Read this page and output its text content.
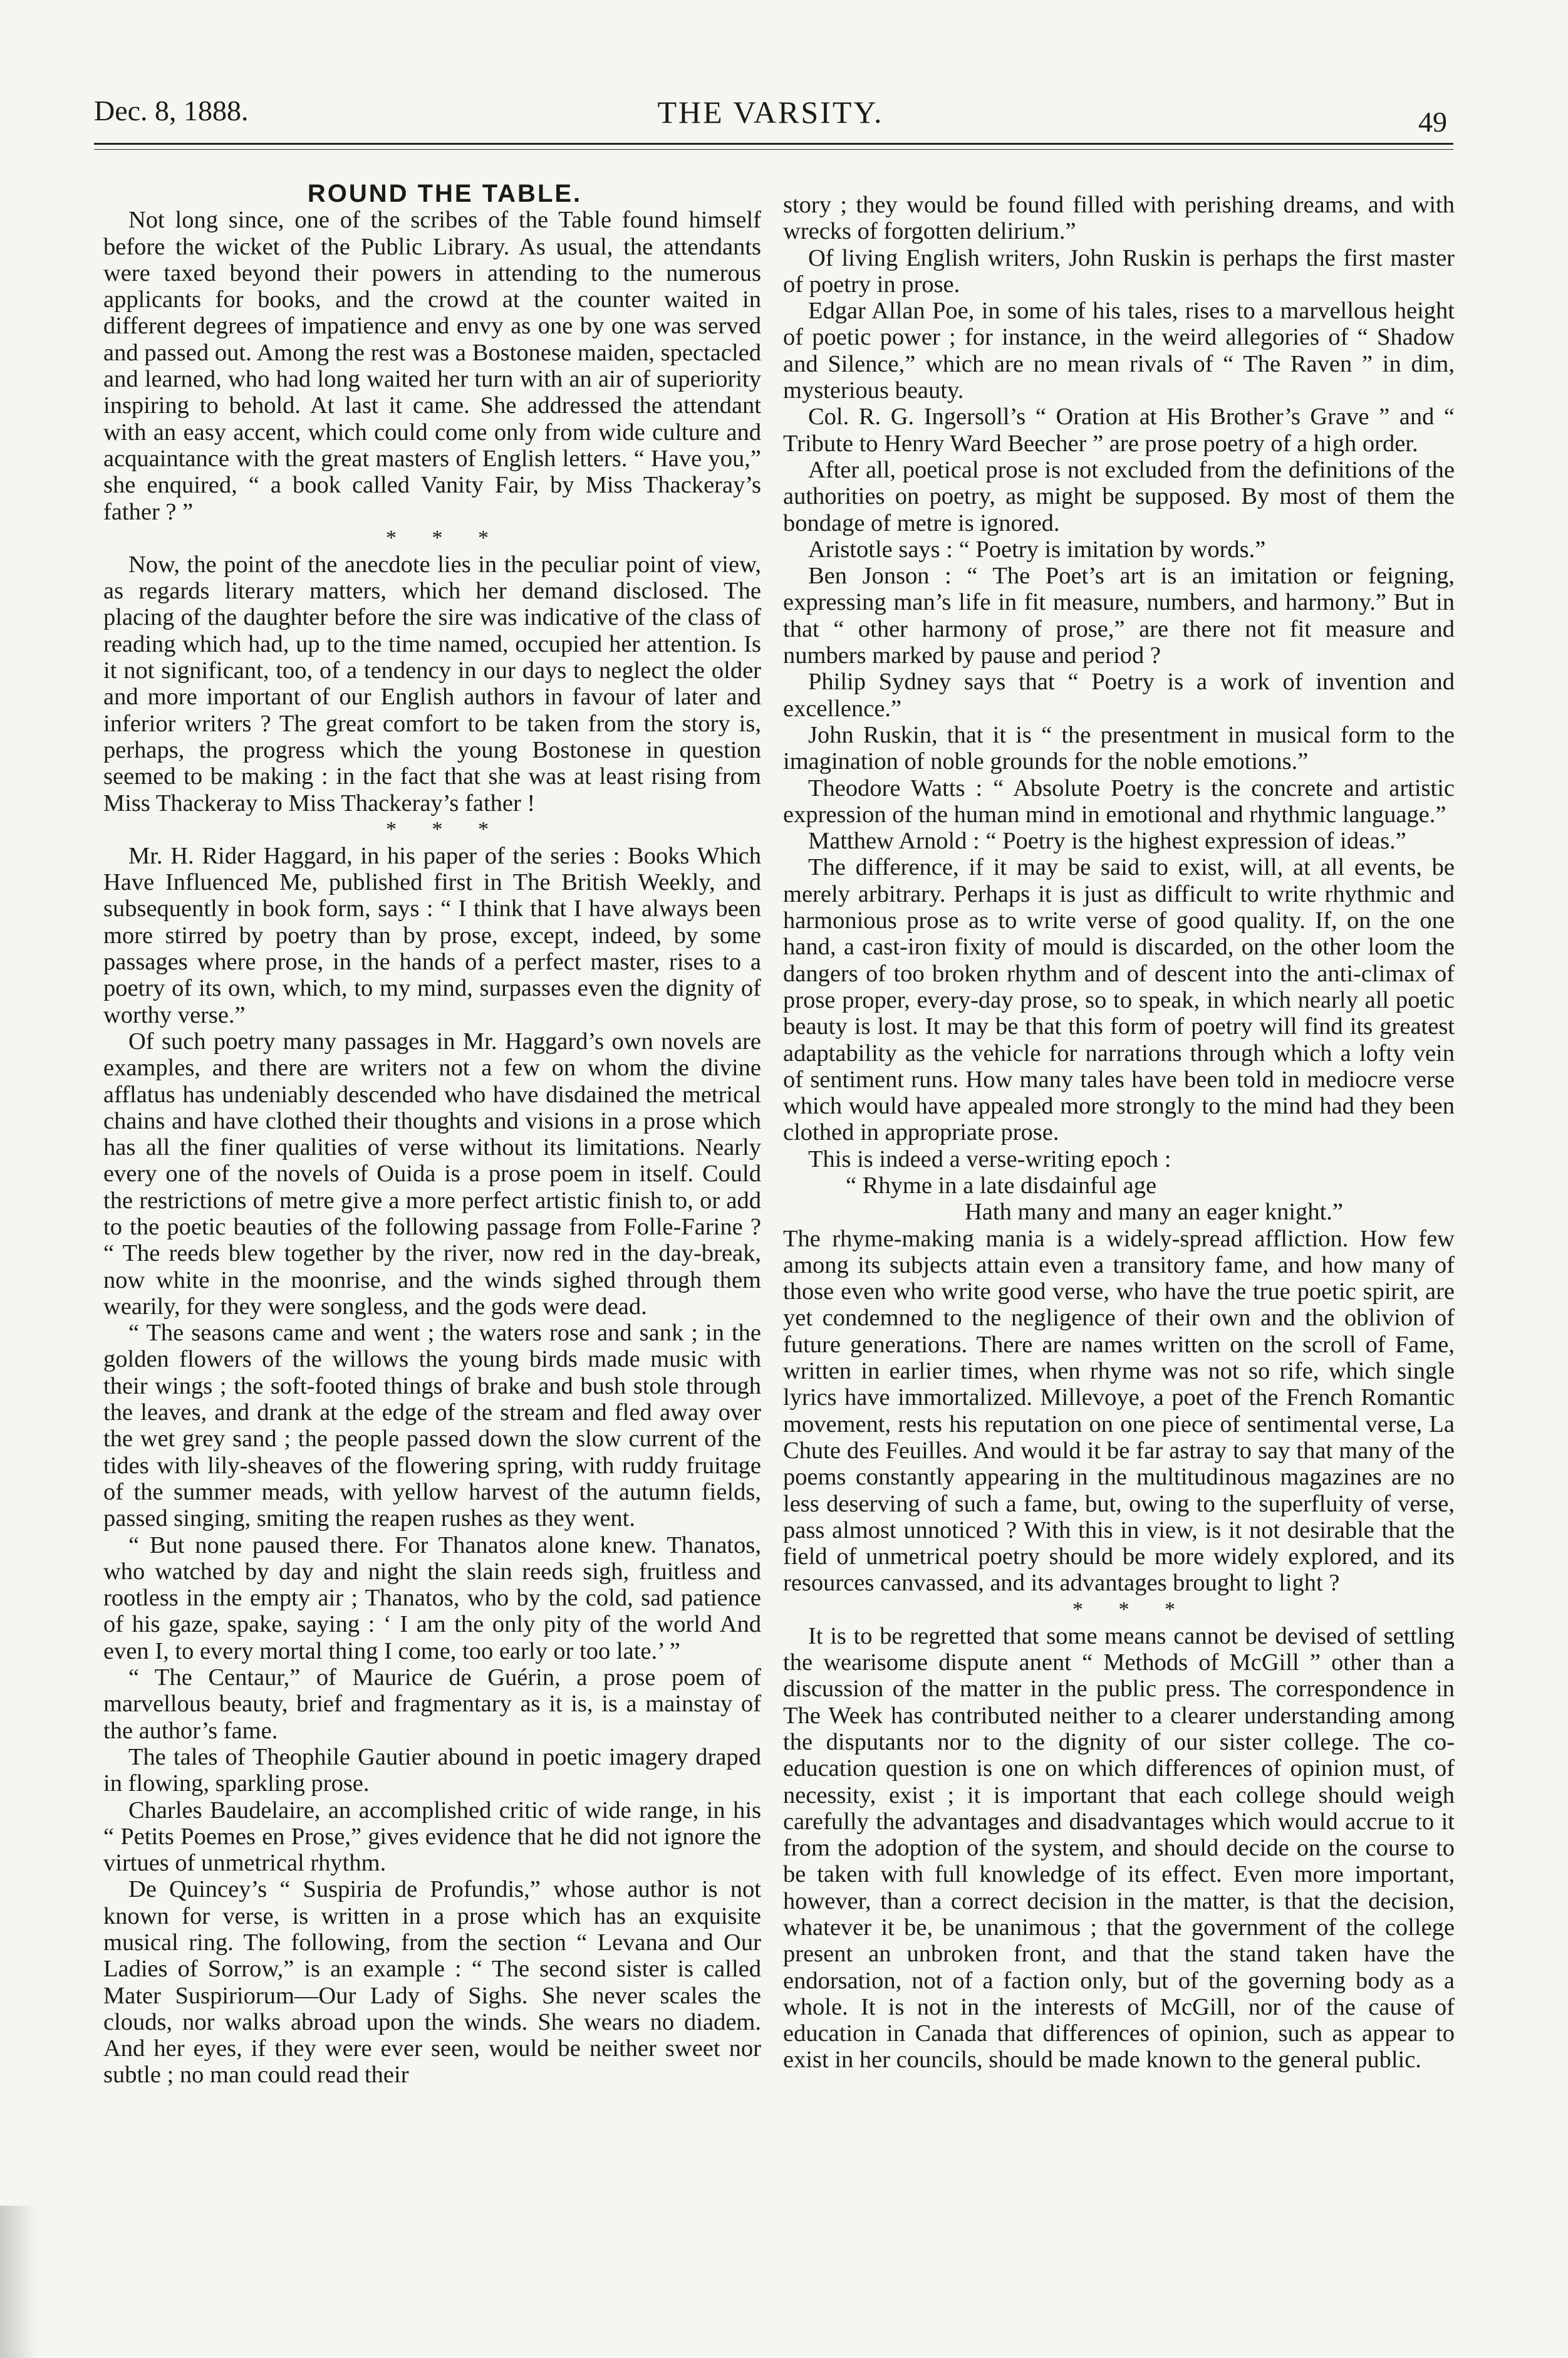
Dec. 8, 1888.	THE VARSITY.	49

ROUND THE TABLE.

Not long since, one of the scribes of the Table found himself before the wicket of the Public Library. As usual, the attendants were taxed beyond their powers in attending to the numerous applicants for books, and the crowd at the counter waited in different degrees of impatience and envy as one by one was served and passed out. Among the rest was a Bostonese maiden, spectacled and learned, who had long waited her turn with an air of superiority inspiring to behold. At last it came. She addressed the attendant with an easy accent, which could come only from wide culture and acquaintance with the great masters of English letters. “ Have you,” she enquired, “ a book called Vanity Fair, by Miss Thackeray’s father ? ”

* * *

Now, the point of the anecdote lies in the peculiar point of view, as regards literary matters, which her demand disclosed. The placing of the daughter before the sire was indicative of the class of reading which had, up to the time named, occupied her attention. Is it not significant, too, of a tendency in our days to neglect the older and more important of our English authors in favour of later and inferior writers ? The great comfort to be taken from the story is, perhaps, the progress which the young Bostonese in question seemed to be making : in the fact that she was at least rising from Miss Thackeray to Miss Thackeray’s father !

* * *

Mr. H. Rider Haggard, in his paper of the series : Books Which Have Influenced Me, published first in The British Weekly, and subsequently in book form, says : “ I think that I have always been more stirred by poetry than by prose, except, indeed, by some passages where prose, in the hands of a perfect master, rises to a poetry of its own, which, to my mind, surpasses even the dignity of worthy verse.”

Of such poetry many passages in Mr. Haggard’s own novels are examples, and there are writers not a few on whom the divine afflatus has undeniably descended who have disdained the metrical chains and have clothed their thoughts and visions in a prose which has all the finer qualities of verse without its limitations. Nearly every one of the novels of Ouida is a prose poem in itself. Could the restrictions of metre give a more perfect artistic finish to, or add to the poetic beauties of the following passage from Folle-Farine ? “ The reeds blew together by the river, now red in the day-break, now white in the moonrise, and the winds sighed through them wearily, for they were songless, and the gods were dead.

“ The seasons came and went ; the waters rose and sank ; in the golden flowers of the willows the young birds made music with their wings ; the soft-footed things of brake and bush stole through the leaves, and drank at the edge of the stream and fled away over the wet grey sand ; the people passed down the slow current of the tides with lily-sheaves of the flowering spring, with ruddy fruitage of the summer meads, with yellow harvest of the autumn fields, passed singing, smiting the reapen rushes as they went.

“ But none paused there. For Thanatos alone knew. Thanatos, who watched by day and night the slain reeds sigh, fruitless and rootless in the empty air ; Thanatos, who by the cold, sad patience of his gaze, spake, saying : ‘ I am the only pity of the world And even I, to every mortal thing I come, too early or too late.’ ”

“ The Centaur,” of Maurice de Guérin, a prose poem of marvellous beauty, brief and fragmentary as it is, is a mainstay of the author’s fame.

The tales of Theophile Gautier abound in poetic imagery draped in flowing, sparkling prose.

Charles Baudelaire, an accomplished critic of wide range, in his “ Petits Poemes en Prose,” gives evidence that he did not ignore the virtues of unmetrical rhythm.

De Quincey’s “ Suspiria de Profundis,” whose author is not known for verse, is written in a prose which has an exquisite musical ring. The following, from the section “ Levana and Our Ladies of Sorrow,” is an example : “ The second sister is called Mater Suspiriorum—Our Lady of Sighs. She never scales the clouds, nor walks abroad upon the winds. She wears no diadem. And her eyes, if they were ever seen, would be neither sweet nor subtle ; no man could read their

story ; they would be found filled with perishing dreams, and with wrecks of forgotten delirium.”

Of living English writers, John Ruskin is perhaps the first master of poetry in prose.

Edgar Allan Poe, in some of his tales, rises to a marvellous height of poetic power ; for instance, in the weird allegories of “ Shadow and Silence,” which are no mean rivals of “ The Raven ” in dim, mysterious beauty.

Col. R. G. Ingersoll’s “ Oration at His Brother’s Grave ” and “ Tribute to Henry Ward Beecher ” are prose poetry of a high order.

After all, poetical prose is not excluded from the definitions of the authorities on poetry, as might be supposed. By most of them the bondage of metre is ignored.

Aristotle says : “ Poetry is imitation by words.”

Ben Jonson : “ The Poet’s art is an imitation or feigning, expressing man’s life in fit measure, numbers, and harmony.” But in that “ other harmony of prose,” are there not fit measure and numbers marked by pause and period ?

Philip Sydney says that “ Poetry is a work of invention and excellence.”

John Ruskin, that it is “ the presentment in musical form to the imagination of noble grounds for the noble emotions.”

Theodore Watts : “ Absolute Poetry is the concrete and artistic expression of the human mind in emotional and rhythmic language.”

Matthew Arnold : “ Poetry is the highest expression of ideas.”

The difference, if it may be said to exist, will, at all events, be merely arbitrary. Perhaps it is just as difficult to write rhythmic and harmonious prose as to write verse of good quality. If, on the one hand, a cast-iron fixity of mould is discarded, on the other loom the dangers of too broken rhythm and of descent into the anti-climax of prose proper, every-day prose, so to speak, in which nearly all poetic beauty is lost. It may be that this form of poetry will find its greatest adaptability as the vehicle for narrations through which a lofty vein of sentiment runs. How many tales have been told in mediocre verse which would have appealed more strongly to the mind had they been clothed in appropriate prose.

This is indeed a verse-writing epoch :

“ Rhyme in a late disdainful age

Hath many and many an eager knight.”

The rhyme-making mania is a widely-spread affliction. How few among its subjects attain even a transitory fame, and how many of those even who write good verse, who have the true poetic spirit, are yet condemned to the negligence of their own and the oblivion of future generations. There are names written on the scroll of Fame, written in earlier times, when rhyme was not so rife, which single lyrics have immortalized. Millevoye, a poet of the French Romantic movement, rests his reputation on one piece of sentimental verse, La Chute des Feuilles. And would it be far astray to say that many of the poems constantly appearing in the multitudinous magazines are no less deserving of such a fame, but, owing to the superfluity of verse, pass almost unnoticed ? With this in view, is it not desirable that the field of unmetrical poetry should be more widely explored, and its resources canvassed, and its advantages brought to light ?

* * *

It is to be regretted that some means cannot be devised of settling the wearisome dispute anent “ Methods of McGill ” other than a discussion of the matter in the public press. The correspondence in The Week has contributed neither to a clearer understanding among the disputants nor to the dignity of our sister college. The co-education question is one on which differences of opinion must, of necessity, exist ; it is important that each college should weigh carefully the advantages and disadvantages which would accrue to it from the adoption of the system, and should decide on the course to be taken with full knowledge of its effect. Even more important, however, than a correct decision in the matter, is that the decision, whatever it be, be unanimous ; that the government of the college present an unbroken front, and that the stand taken have the endorsation, not of a faction only, but of the governing body as a whole. It is not in the interests of McGill, nor of the cause of education in Canada that differences of opinion, such as appear to exist in her councils, should be made known to the general public.
